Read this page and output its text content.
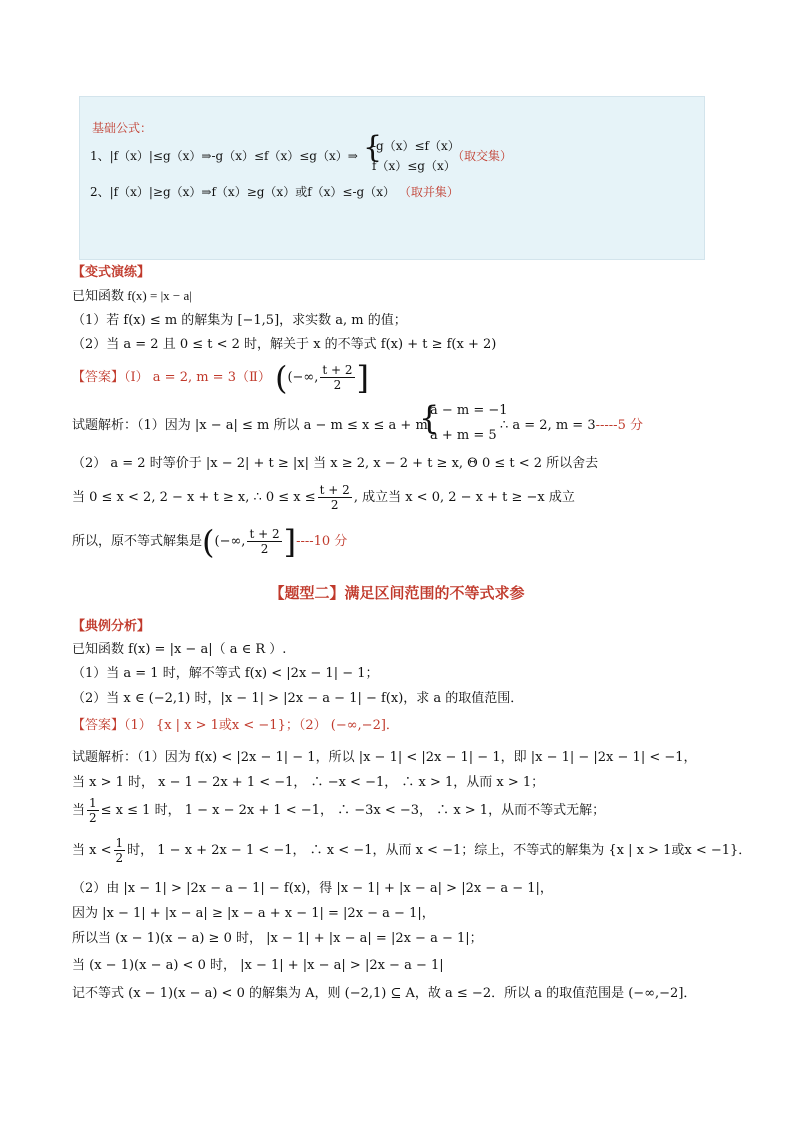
基础公式：
1、|f（x）|≤g（x）⇒-g（x）≤f（x）≤g（x）⇒ {
-g（x）≤f（x）
f（x）≤g（x）
（取交集）
2、|f（x）|≥g（x）⇒f（x）≥g（x）或f（x）≤-g（x） （取并集）
【变式演练】
已知函数 f(x) = |x − a|
（1）若 f(x) ≤ m 的解集为 [−1,5]，求实数 a, m 的值；
（2）当 a = 2 且 0 ≤ t < 2 时，解关于 x 的不等式 f(x) + t ≥ f(x + 2)
【答案】（Ⅰ） a = 2, m = 3（Ⅱ） ((−∞, $\frac{t + 2}{2}$ ]
试题解析：（1）因为 |x − a| ≤ m 所以 a − m ≤ x ≤ a + m
{
a − m = −1
a + m = 5
∴ a = 2, m = 3-----5 分
（2） a = 2 时等价于 |x − 2| + t ≥ |x| 当 x ≥ 2, x − 2 + t ≥ x, Θ 0 ≤ t < 2 所以舍去
当 0 ≤ x < 2, 2 − x + t ≥ x, ∴ $0 \le x \le \frac{t + 2}{2}$ , 成立当 x < 0, 2 − x + t ≥ −x 成立
所以，原不等式解集是((−∞, $\frac{t + 2}{2} ]----10$ 分
【题型二】满足区间范围的不等式求参
【典例分析】
已知函数 f(x) = |x − a|（ a ∈ R ）.
（1）当 a = 1 时，解不等式 f(x) < |2x − 1| − 1；
（2）当 x ∈ (−2,1) 时，|x − 1| > |2x − a − 1| − f(x)，求 a 的取值范围．
【答案】（1） {x | x > 1或x < −1}；（2） (−∞,−2]．
试题解析：（1）因为 f(x) < |2x − 1| − 1，所以 |x − 1| < |2x − 1| − 1，即 |x − 1| − |2x − 1| < −1，
当 x > 1 时， x − 1 − 2x + 1 < −1， ∴ −x < −1， ∴ x > 1，从而 x > 1；
当 $\frac{1}{2} \le x \le 1$ 时， 1 − x − 2x + 1 < −1， ∴ −3x < −3， ∴ x > 1，从而不等式无解；
当 $x < \frac{1}{2}$ 时， 1 − x + 2x − 1 < −1， ∴ x < −1，从而 x < −1；综上，不等式的解集为 {x | x > 1或x < −1}．
（2）由 |x − 1| > |2x − a − 1| − f(x)，得 |x − 1| + |x − a| > |2x − a − 1|，
因为 |x − 1| + |x − a| ≥ |x − a + x − 1| = |2x − a − 1|，
所以当 (x − 1)(x − a) ≥ 0 时， |x − 1| + |x − a| = |2x − a − 1|；
当 (x − 1)(x − a) < 0 时， |x − 1| + |x − a| > |2x − a − 1|
记不等式 (x − 1)(x − a) < 0 的解集为 A，则 (−2,1) ⊆ A，故 a ≤ −2．所以 a 的取值范围是 (−∞,−2]．
